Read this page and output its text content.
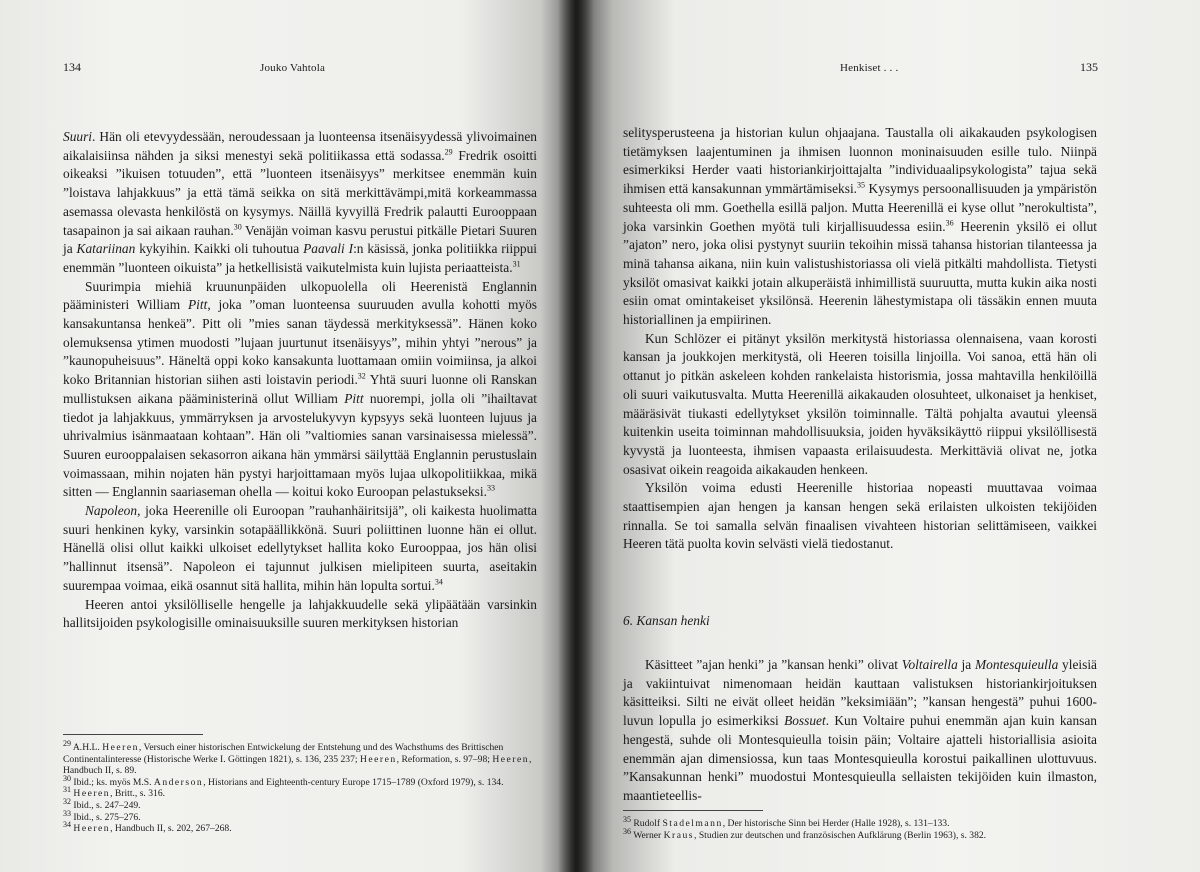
134	Jouko Vahtola

Suuri. Hän oli etevyydessään, neroudessaan ja luonteensa itsenäisyydessä ylivoimainen aikalaisiinsa nähden ja siksi menestyi sekä politiikassa että sodassa.$^{29}$ Fredrik osoitti oikeaksi ”ikuisen totuuden”, että ”luonteen itsenäisyys” merkitsee enemmän kuin ”loistava lahjakkuus” ja että tämä seikka on sitä merkittävämpi,mitä korkeammassa asemassa olevasta henkilöstä on kysymys. Näillä kyvyillä Fredrik palautti Eurooppaan tasapainon ja sai aikaan rauhan.$^{30}$ Venäjän voiman kasvu perustui pitkälle Pietari Suuren ja Katariinan kykyihin. Kaikki oli tuhoutua Paavali I:n käsissä, jonka politiikka riippui enemmän ”luonteen oikuista” ja hetkellisistä vaikutelmista kuin lujista periaatteista.$^{31}$

Suurimpia miehiä kruununpäiden ulkopuolella oli Heerenistä Englannin pääministeri William Pitt, joka ”oman luonteensa suuruuden avulla kohotti myös kansakuntansa henkeä”. Pitt oli ”mies sanan täydessä merkityksessä”. Hänen koko olemuksensa ytimen muodosti ”lujaan juurtunut itsenäisyys”, mihin yhtyi ”nerous” ja ”kaunopuheisuus”. Häneltä oppi koko kansakunta luottamaan omiin voimiinsa, ja alkoi koko Britannian historian siihen asti loistavin periodi.$^{32}$ Yhtä suuri luonne oli Ranskan mullistuksen aikana pääministerinä ollut William Pitt nuorempi, jolla oli ”ihailtavat tiedot ja lahjakkuus, ymmärryksen ja arvostelukyvyn kypsyys sekä luonteen lujuus ja uhrivalmius isänmaataan kohtaan”. Hän oli ”valtiomies sanan varsinaisessa mielessä”. Suuren eurooppalaisen sekasorron aikana hän ymmärsi säilyttää Englannin perustuslain voimassaan, mihin nojaten hän pystyi harjoittamaan myös lujaa ulkopolitiikkaa, mikä sitten — Englannin saariaseman ohella — koitui koko Euroopan pelastukseksi.$^{33}$

Napoleon, joka Heerenille oli Euroopan ”rauhanhäiritsijä”, oli kaikesta huolimatta suuri henkinen kyky, varsinkin sotapäällikkönä. Suuri poliittinen luonne hän ei ollut. Hänellä olisi ollut kaikki ulkoiset edellytykset hallita koko Eurooppaa, jos hän olisi ”hallinnut itsensä”. Napoleon ei tajunnut julkisen mielipiteen suurta, aseitakin suurempaa voimaa, eikä osannut sitä hallita, mihin hän lopulta sortui.$^{34}$

Heeren antoi yksilölliselle hengelle ja lahjakkuudelle sekä ylipäätään varsinkin hallitsijoiden psykologisille ominaisuuksille suuren merkityksen historian

$^{29}$ A.H.L. Heeren, Versuch einer historischen Entwickelung der Entstehung und des Wachsthums des Brittischen Continentalinteresse (Historische Werke I. Göttingen 1821), s. 136, 235 237; Heeren, Reformation, s. 97–98; Heeren, Handbuch II, s. 89.

$^{30}$ Ibid.; ks. myös M.S. Anderson, Historians and Eighteenth-century Europe 1715–1789 (Oxford 1979), s. 134.

$^{31}$ Heeren, Britt., s. 316.

$^{32}$ Ibid., s. 247–249.

$^{33}$ Ibid., s. 275–276.

$^{34}$ Heeren, Handbuch II, s. 202, 267–268.

Henkiset . . .	135

selitysperusteena ja historian kulun ohjaajana. Taustalla oli aikakauden psykologisen tietämyksen laajentuminen ja ihmisen luonnon moninaisuuden esille tulo. Niinpä esimerkiksi Herder vaati historiankirjoittajalta ”individuaalipsykologista” tajua sekä ihmisen että kansakunnan ymmärtämiseksi.$^{35}$ Kysymys persoonallisuuden ja ympäristön suhteesta oli mm. Goethella esillä paljon. Mutta Heerenillä ei kyse ollut ”nerokultista”, joka varsinkin Goethen myötä tuli kirjallisuudessa esiin.$^{36}$ Heerenin yksilö ei ollut ”ajaton” nero, joka olisi pystynyt suuriin tekoihin missä tahansa historian tilanteessa ja minä tahansa aikana, niin kuin valistushistoriassa oli vielä pitkälti mahdollista. Tietysti yksilöt omasivat kaikki jotain alkuperäistä inhimillistä suuruutta, mutta kukin aika nosti esiin omat omintakeiset yksilönsä. Heerenin lähestymistapa oli tässäkin ennen muuta historiallinen ja empiirinen.

Kun Schlözer ei pitänyt yksilön merkitystä historiassa olennaisena, vaan korosti kansan ja joukkojen merkitystä, oli Heeren toisilla linjoilla. Voi sanoa, että hän oli ottanut jo pitkän askeleen kohden rankelaista historismia, jossa mahtavilla henkilöillä oli suuri vaikutusvalta. Mutta Heerenillä aikakauden olosuhteet, ulkonaiset ja henkiset, määräsivät tiukasti edellytykset yksilön toiminnalle. Tältä pohjalta avautui yleensä kuitenkin useita toiminnan mahdollisuuksia, joiden hyväksikäyttö riippui yksilöllisestä kyvystä ja luonteesta, ihmisen vapaasta erilaisuudesta. Merkittäviä olivat ne, jotka osasivat oikein reagoida aikakauden henkeen.

Yksilön voima edusti Heerenille historiaa nopeasti muuttavaa voimaa staattisempien ajan hengen ja kansan hengen sekä erilaisten ulkoisten tekijöiden rinnalla. Se toi samalla selvän finaalisen vivahteen historian selittämiseen, vaikkei Heeren tätä puolta kovin selvästi vielä tiedostanut.

6. Kansan henki

Käsitteet ”ajan henki” ja ”kansan henki” olivat Voltairella ja Montesquieulla yleisiä ja vakiintuivat nimenomaan heidän kauttaan valistuksen historiankirjoituksen käsitteiksi. Silti ne eivät olleet heidän ”keksimiään”; ”kansan hengestä” puhui 1600-luvun lopulla jo esimerkiksi Bossuet. Kun Voltaire puhui enemmän ajan kuin kansan hengestä, suhde oli Montesquieulla toisin päin; Voltaire ajatteli historiallisia asioita enemmän ajan dimensiossa, kun taas Montesquieulla korostui paikallinen ulottuvuus. ”Kansakunnan henki” muodostui Montesquieulla sellaisten tekijöiden kuin ilmaston, maantieteellis-

$^{35}$ Rudolf Stadelmann, Der historische Sinn bei Herder (Halle 1928), s. 131–133.

$^{36}$ Werner Kraus, Studien zur deutschen und französischen Aufklärung (Berlin 1963), s. 382.
